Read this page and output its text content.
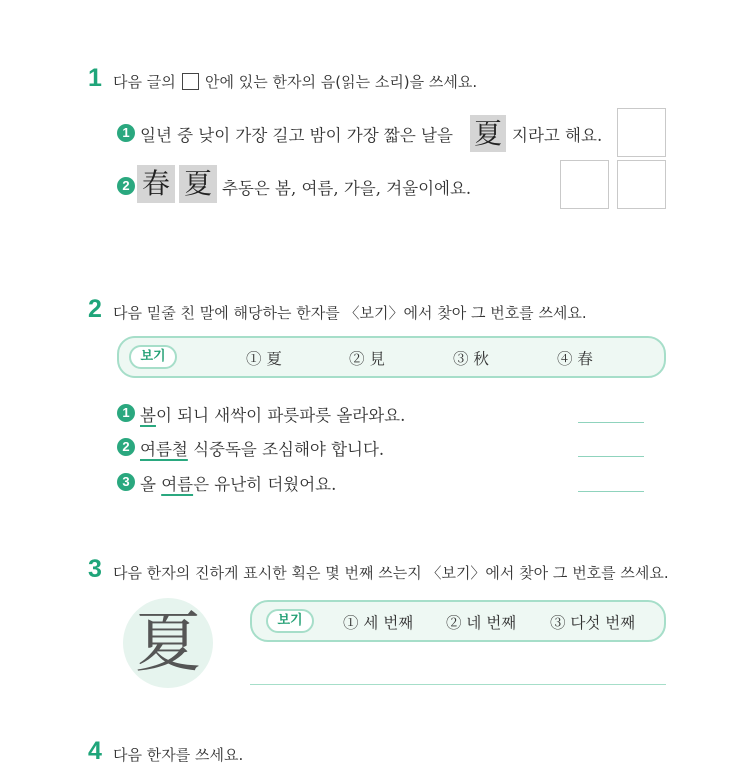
1 다음 글의 안에 있는 한자의 음(읽는 소리)을 쓰세요.
1 일년 중 낮이 가장 길고 밤이 가장 짧은 날을 夏 지라고 해요.
2 春 夏 추동은 봄, 여름, 가을, 겨울이에요.
2 다음 밑줄 친 말에 해당하는 한자를 〈보기〉에서 찾아 그 번호를 쓰세요.
보기	① 夏	② 見	③ 秋	④ 春
1 봄이 되니 새싹이 파릇파릇 올라와요.
2 여름철 식중독을 조심해야 합니다.
3 올 여름은 유난히 더웠어요.
3 다음 한자의 진하게 표시한 획은 몇 번째 쓰는지 〈보기〉에서 찾아 그 번호를 쓰세요.
夏	보기	① 세 번째 ② 네 번째 ③ 다섯 번째
4 다음 한자를 쓰세요.
